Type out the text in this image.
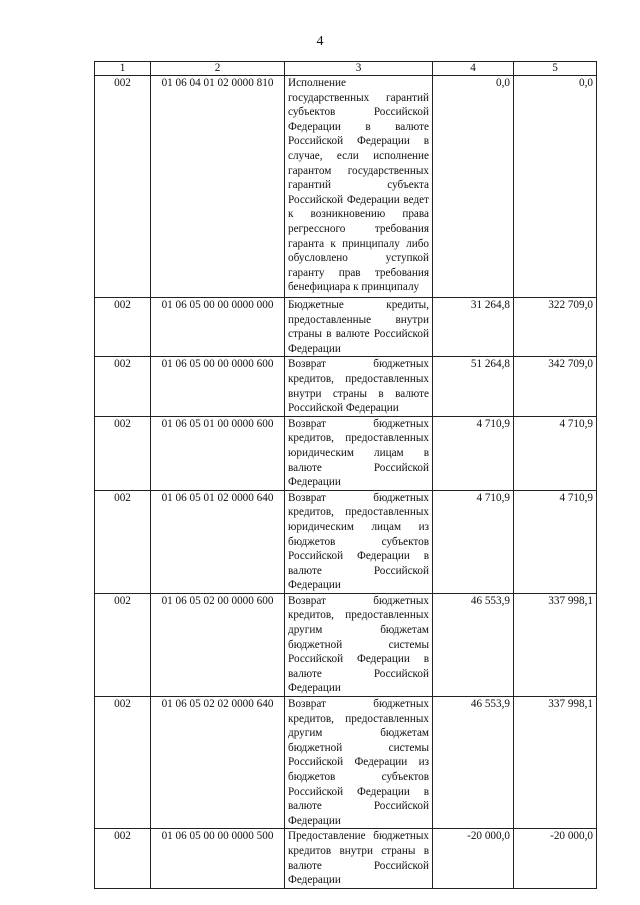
4
1	2	3	4	5
002	01 06 04 01 02 0000 810	Исполнение государственных гарантий субъектов Российской Федерации в валюте Российской Федерации в случае, если исполнение гарантом государственных гарантий субъекта Российской Федерации ведет к возникновению права регрессного требования гаранта к принципалу либо обусловлено уступкой гаранту прав требования бенефициара к принципалу	0,0	0,0
002	01 06 05 00 00 0000 000	Бюджетные кредиты, предоставленные внутри страны в валюте Российской Федерации	31 264,8	322 709,0
002	01 06 05 00 00 0000 600	Возврат бюджетных кредитов, предоставленных внутри страны в валюте Российской Федерации	51 264,8	342 709,0
002	01 06 05 01 00 0000 600	Возврат бюджетных кредитов, предоставленных юридическим лицам в валюте Российской Федерации	4 710,9	4 710,9
002	01 06 05 01 02 0000 640	Возврат бюджетных кредитов, предоставленных юридическим лицам из бюджетов субъектов Российской Федерации в валюте Российской Федерации	4 710,9	4 710,9
002	01 06 05 02 00 0000 600	Возврат бюджетных кредитов, предоставленных другим бюджетам бюджетной системы Российской Федерации в валюте Российской Федерации	46 553,9	337 998,1
002	01 06 05 02 02 0000 640	Возврат бюджетных кредитов, предоставленных другим бюджетам бюджетной системы Российской Федерации из бюджетов субъектов Российской Федерации в валюте Российской Федерации	46 553,9	337 998,1
002	01 06 05 00 00 0000 500	Предоставление бюджетных кредитов внутри страны в валюте Российской Федерации	-20 000,0	-20 000,0
